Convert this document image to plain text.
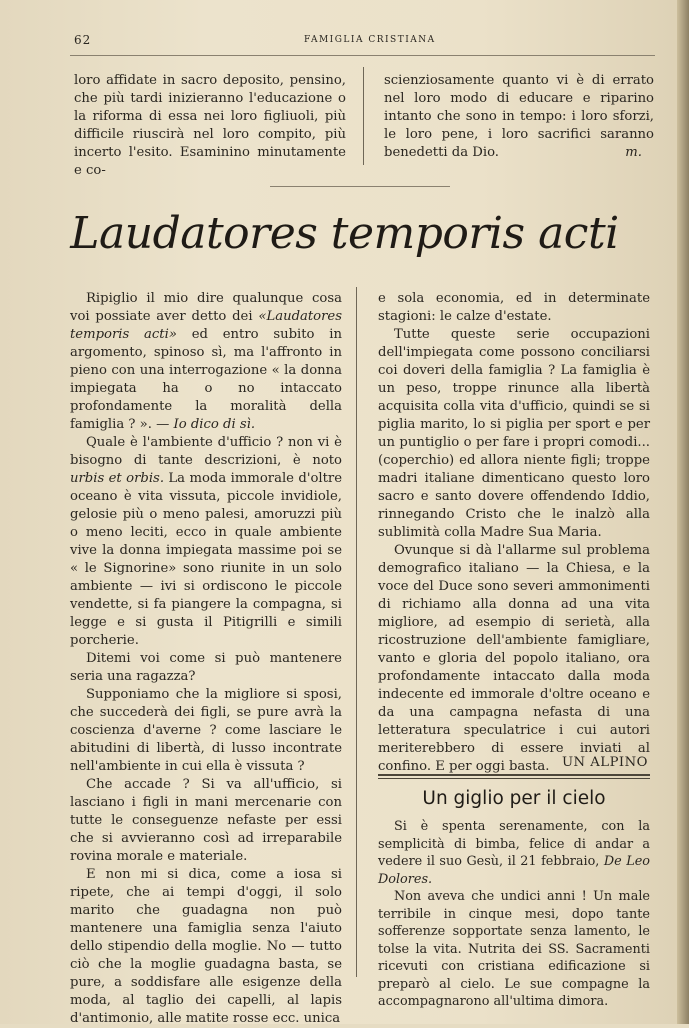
62	FAMIGLIA CRISTIANA

loro affidate in sacro deposito, pensino, che più tardi inizieranno l'educazione o la riforma di essa nei loro figliuoli, più difficile riuscirà nel loro compito, più incerto l'esito. Esaminino minutamente e co-

scienziosamente quanto vi è di errato nel loro modo di educare e riparino intanto che sono in tempo: i loro sforzi, le loro pene, i loro sacrifici saranno benedetti da Dio.	m.

Laudatores temporis acti

Ripiglio il mio dire qualunque cosa voi possiate aver detto dei «Laudatores temporis acti» ed entro subito in argomento, spinoso sì, ma l'affronto in pieno con una interrogazione « la donna impiegata ha o no intaccato profondamente la moralità della famiglia ? ». — Io dico di sì.

Quale è l'ambiente d'ufficio ? non vi è bisogno di tante descrizioni, è noto urbis et orbis. La moda immorale d'oltre oceano è vita vissuta, piccole invidiole, gelosie più o meno palesi, amoruzzi più o meno leciti, ecco in quale ambiente vive la donna impiegata massime poi se « le Signorine» sono riunite in un solo ambiente — ivi si ordiscono le piccole vendette, si fa piangere la compagna, si legge e si gusta il Pitigrilli e simili porcherie.

Ditemi voi come si può mantenere seria una ragazza?

Supponiamo che la migliore si sposi, che succederà dei figli, se pure avrà la coscienza d'averne ? come lasciare le abitudini di libertà, di lusso incontrate nell'ambiente in cui ella è vissuta ?

Che accade ? Si va all'ufficio, si lasciano i figli in mani mercenarie con tutte le conseguenze nefaste per essi che si avvieranno così ad irreparabile rovina morale e materiale.

E non mi si dica, come a iosa si ripete, che ai tempi d'oggi, il solo marito che guadagna non può mantenere una famiglia senza l'aiuto dello stipendio della moglie. No — tutto ciò che la moglie guadagna basta, se pure, a soddisfare alle esigenze della moda, al taglio dei capelli, al lapis d'antimonio, alle matite rosse ecc. unica

e sola economia, ed in determinate stagioni: le calze d'estate.

Tutte queste serie occupazioni dell'impiegata come possono conciliarsi coi doveri della famiglia ? La famiglia è un peso, troppe rinunce alla libertà acquisita colla vita d'ufficio, quindi se si piglia marito, lo si piglia per sport e per un puntiglio o per fare i propri comodi...(coperchio) ed allora niente figli; troppe madri italiane dimenticano questo loro sacro e santo dovere offendendo Iddio, rinnegando Cristo che le inalzò alla sublimità colla Madre Sua Maria.

Ovunque si dà l'allarme sul problema demografico italiano — la Chiesa, e la voce del Duce sono severi ammonimenti di richiamo alla donna ad una vita migliore, ad esempio di serietà, alla ricostruzione dell'ambiente famigliare, vanto e gloria del popolo italiano, ora profondamente intaccato dalla moda indecente ed immorale d'oltre oceano e da una campagna nefasta di una letteratura speculatrice i cui autori meriterebbero di essere inviati al confino. E per oggi basta. UN ALPINO
Un giglio per il cielo

Si è spenta serenamente, con la semplicità di bimba, felice di andar a vedere il suo Gesù, il 21 febbraio, De Leo Dolores.

Non aveva che undici anni ! Un male terribile in cinque mesi, dopo tante sofferenze sopportate senza lamento, le tolse la vita. Nutrita dei SS. Sacramenti ricevuti con cristiana edificazione si preparò al cielo. Le sue compagne la accompagnarono all'ultima dimora.
